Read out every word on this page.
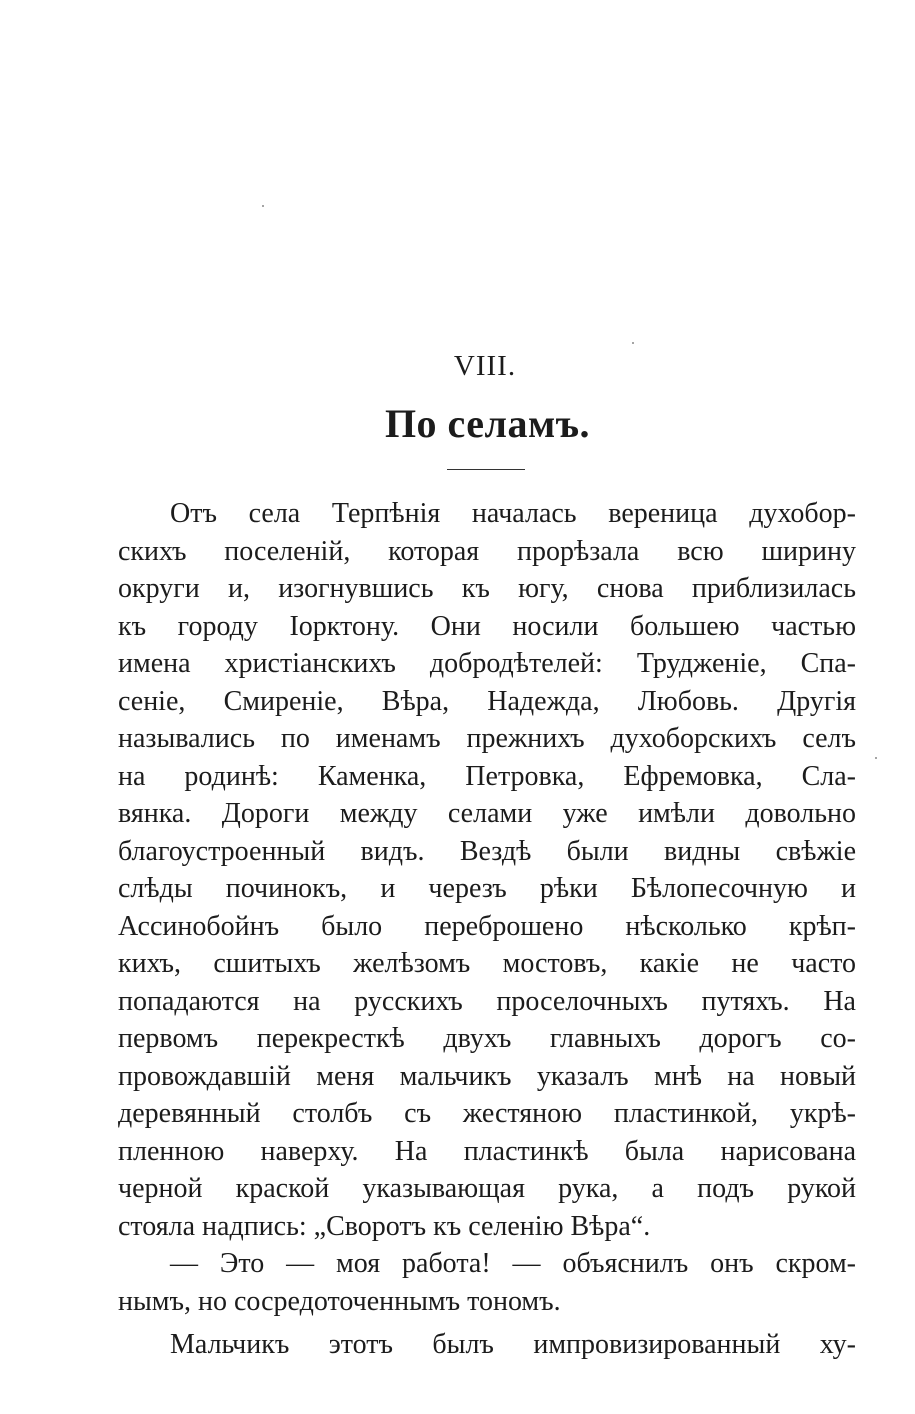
VIII.
По селамъ.
Отъ села Терпѣнія началась вереница духобор-
скихъ поселеній, которая прорѣзала всю ширину
округи и, изогнувшись къ югу, снова приблизилась
къ городу Іорктону. Они носили большею частью
имена христіанскихъ добродѣтелей: Трудженіе, Спа-
сеніе, Смиреніе, Вѣра, Надежда, Любовь. Другія
назывались по именамъ прежнихъ духоборскихъ селъ
на родинѣ: Каменка, Петровка, Ефремовка, Сла-
вянка. Дороги между селами уже имѣли довольно
благоустроенный видъ. Вездѣ были видны свѣжіе
слѣды починокъ, и черезъ рѣки Бѣлопесочную и
Ассинобойнъ было переброшено нѣсколько крѣп-
кихъ, сшитыхъ желѣзомъ мостовъ, какіе не часто
попадаются на русскихъ проселочныхъ путяхъ. На
первомъ перекресткѣ двухъ главныхъ дорогъ со-
провождавшій меня мальчикъ указалъ мнѣ на новый
деревянный столбъ съ жестяною пластинкой, укрѣ-
пленною наверху. На пластинкѣ была нарисована
черной краской указывающая рука, а подъ рукой
стояла надпись: „Своротъ къ селенію Вѣра“.
— Это — моя работа! — объяснилъ онъ скром-
нымъ, но сосредоточеннымъ тономъ.
Мальчикъ этотъ былъ импровизированный ху-
